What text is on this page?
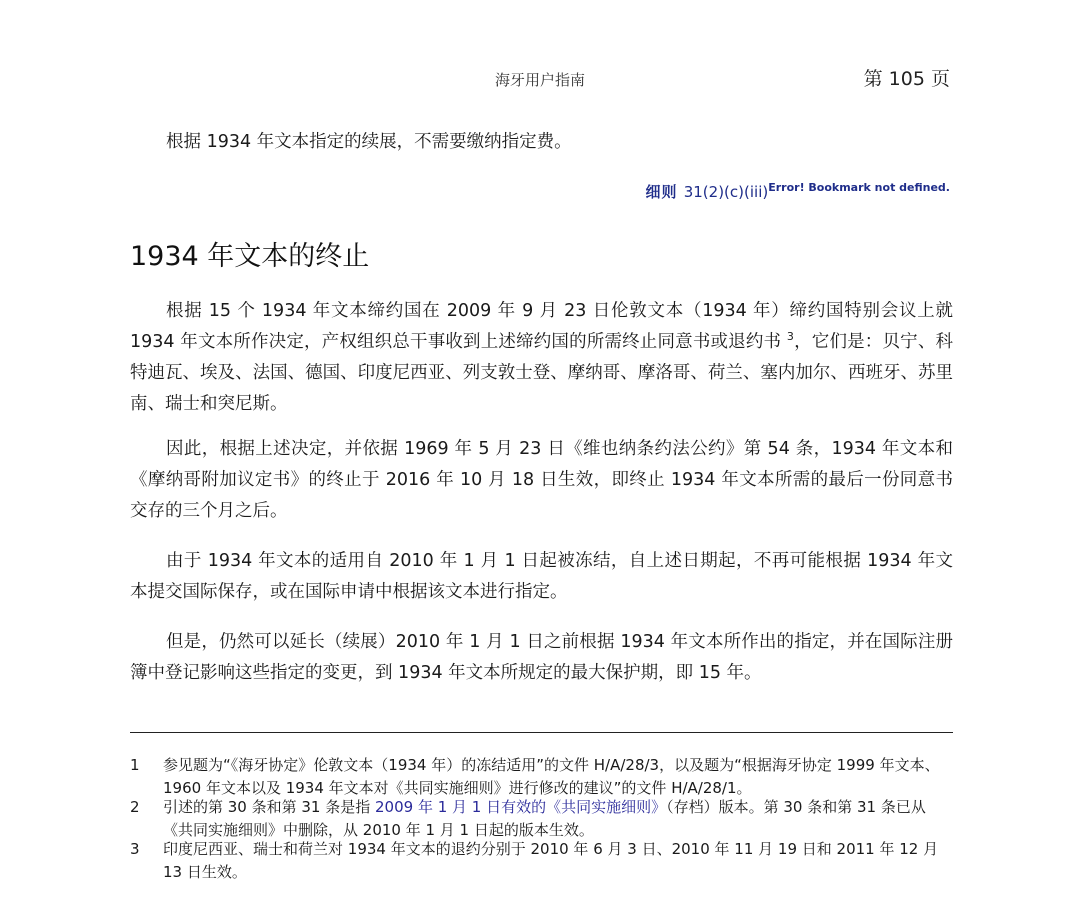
海牙用户指南	第 105 页

根据 1934 年文本指定的续展，不需要缴纳指定费。

细则 31(2)(c)(iii)$^{Error! Bookmark not defined.}$
1934 年文本的终止

根据 15 个 1934 年文本缔约国在 2009 年 9 月 23 日伦敦文本（1934 年）缔约国特别会议上就 1934 年文本所作决定，产权组织总干事收到上述缔约国的所需终止同意书或退约书 $^3$，它们是：贝宁、科特迪瓦、埃及、法国、德国、印度尼西亚、列支敦士登、摩纳哥、摩洛哥、荷兰、塞内加尔、西班牙、苏里南、瑞士和突尼斯。

因此，根据上述决定，并依据 1969 年 5 月 23 日《维也纳条约法公约》第 54 条，1934 年文本和《摩纳哥附加议定书》的终止于 2016 年 10 月 18 日生效，即终止 1934 年文本所需的最后一份同意书交存的三个月之后。

由于 1934 年文本的适用自 2010 年 1 月 1 日起被冻结，自上述日期起，不再可能根据 1934 年文本提交国际保存，或在国际申请中根据该文本进行指定。

但是，仍然可以延长（续展）2010 年 1 月 1 日之前根据 1934 年文本所作出的指定，并在国际注册簿中登记影响这些指定的变更，到 1934 年文本所规定的最大保护期，即 15 年。

1	参见题为“《海牙协定》伦敦文本（1934 年）的冻结适用”的文件 H/A/28/3，以及题为“根据海牙协定 1999 年文本、1960 年文本以及 1934 年文本对《共同实施细则》进行修改的建议”的文件 H/A/28/1。
2	引述的第 30 条和第 31 条是指 2009 年 1 月 1 日有效的《共同实施细则》（存档）版本。第 30 条和第 31 条已从《共同实施细则》中删除，从 2010 年 1 月 1 日起的版本生效。
3	印度尼西亚、瑞士和荷兰对 1934 年文本的退约分别于 2010 年 6 月 3 日、2010 年 11 月 19 日和 2011 年 12 月 13 日生效。
